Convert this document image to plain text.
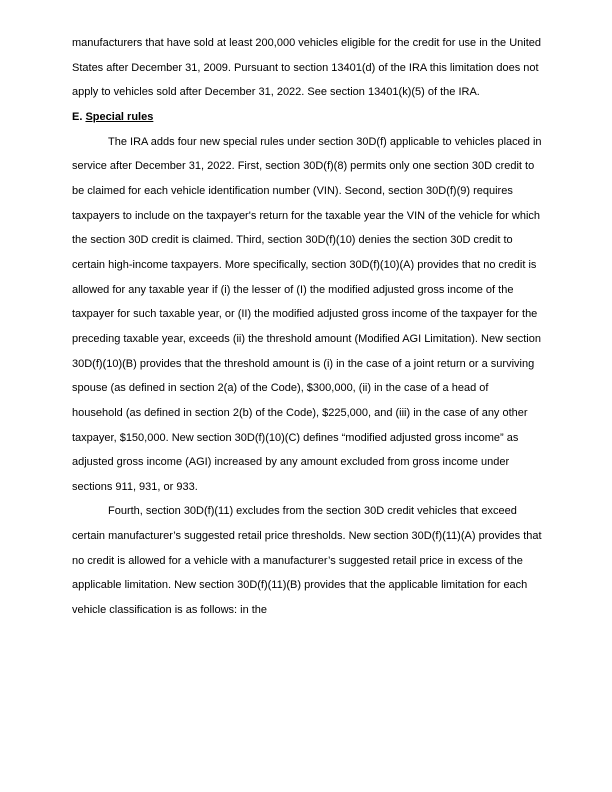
manufacturers that have sold at least 200,000 vehicles eligible for the credit for use in the United States after December 31, 2009. Pursuant to section 13401(d) of the IRA this limitation does not apply to vehicles sold after December 31, 2022. See section 13401(k)(5) of the IRA.

E. Special rules

The IRA adds four new special rules under section 30D(f) applicable to vehicles placed in service after December 31, 2022. First, section 30D(f)(8) permits only one section 30D credit to be claimed for each vehicle identification number (VIN). Second, section 30D(f)(9) requires taxpayers to include on the taxpayer's return for the taxable year the VIN of the vehicle for which the section 30D credit is claimed. Third, section 30D(f)(10) denies the section 30D credit to certain high-income taxpayers. More specifically, section 30D(f)(10)(A) provides that no credit is allowed for any taxable year if (i) the lesser of (I) the modified adjusted gross income of the taxpayer for such taxable year, or (II) the modified adjusted gross income of the taxpayer for the preceding taxable year, exceeds (ii) the threshold amount (Modified AGI Limitation). New section 30D(f)(10)(B) provides that the threshold amount is (i) in the case of a joint return or a surviving spouse (as defined in section 2(a) of the Code), $300,000, (ii) in the case of a head of household (as defined in section 2(b) of the Code), $225,000, and (iii) in the case of any other taxpayer, $150,000. New section 30D(f)(10)(C) defines “modified adjusted gross income” as adjusted gross income (AGI) increased by any amount excluded from gross income under sections 911, 931, or 933.

Fourth, section 30D(f)(11) excludes from the section 30D credit vehicles that exceed certain manufacturer’s suggested retail price thresholds. New section 30D(f)(11)(A) provides that no credit is allowed for a vehicle with a manufacturer’s suggested retail price in excess of the applicable limitation. New section 30D(f)(11)(B) provides that the applicable limitation for each vehicle classification is as follows: in the
